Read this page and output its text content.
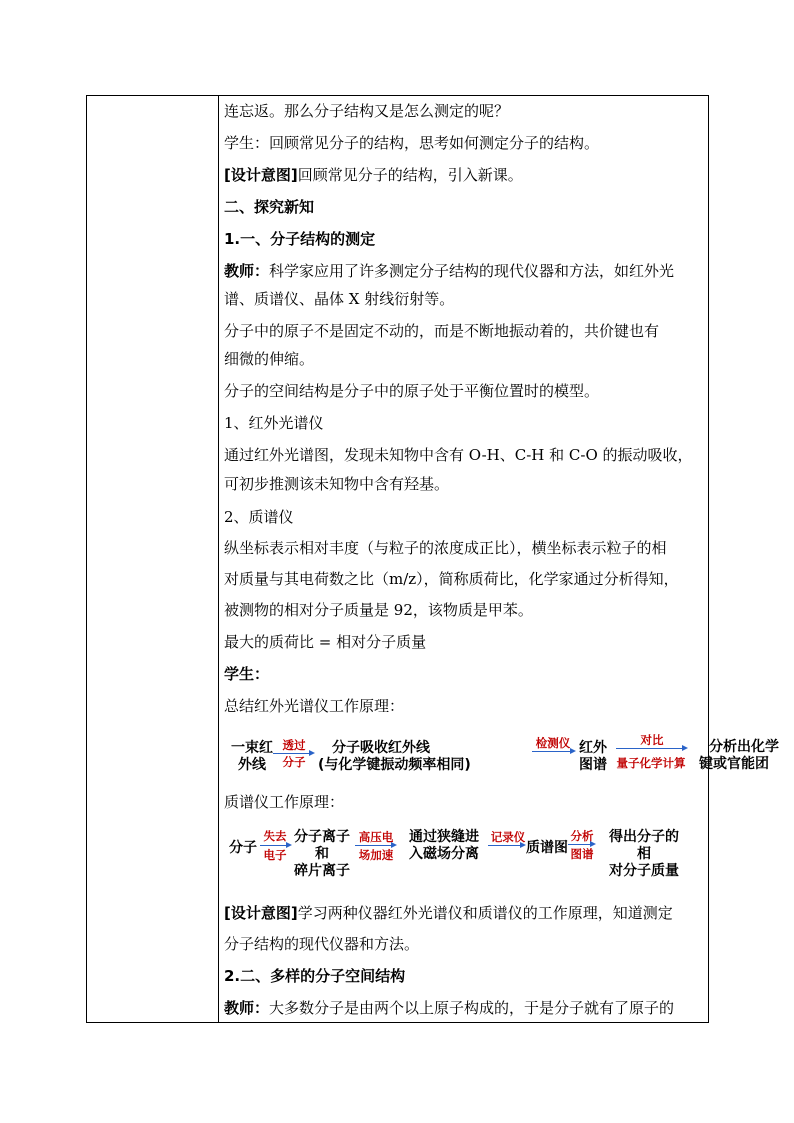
连忘返。那么分子结构又是怎么测定的呢？
学生：回顾常见分子的结构，思考如何测定分子的结构。
[设计意图]回顾常见分子的结构，引入新课。
二、探究新知
1.一、分子结构的测定
教师：科学家应用了许多测定分子结构的现代仪器和方法，如红外光
谱、质谱仪、晶体 X 射线衍射等。
分子中的原子不是固定不动的，而是不断地振动着的，共价键也有
细微的伸缩。
分子的空间结构是分子中的原子处于平衡位置时的模型。
1、红外光谱仪
通过红外光谱图，发现未知物中含有 O-H、C-H 和 C-O 的振动吸收，
可初步推测该未知物中含有羟基。
2、质谱仪
纵坐标表示相对丰度（与粒子的浓度成正比），横坐标表示粒子的相
对质量与其电荷数之比（m/z），简称质荷比，化学家通过分析得知，
被测物的相对分子质量是 92，该物质是甲苯。
最大的质荷比 = 相对分子质量
学生：
总结红外光谱仪工作原理：
一束红
外线
透过
分子
分子吸收红外线
(与化学键振动频率相同)
检测仪 红外
图谱
对比
量子化学计算
分析出化学
键或官能团
质谱仪工作原理：
分子
失去
电子
分子离子
和
碎片离子
高压电
场加速
通过狭缝进
入磁场分离
记录仪
质谱图
分析
图谱
得出分子的
相
对分子质量
[设计意图]学习两种仪器红外光谱仪和质谱仪的工作原理，知道测定
分子结构的现代仪器和方法。
2.二、多样的分子空间结构
教师：大多数分子是由两个以上原子构成的，于是分子就有了原子的
